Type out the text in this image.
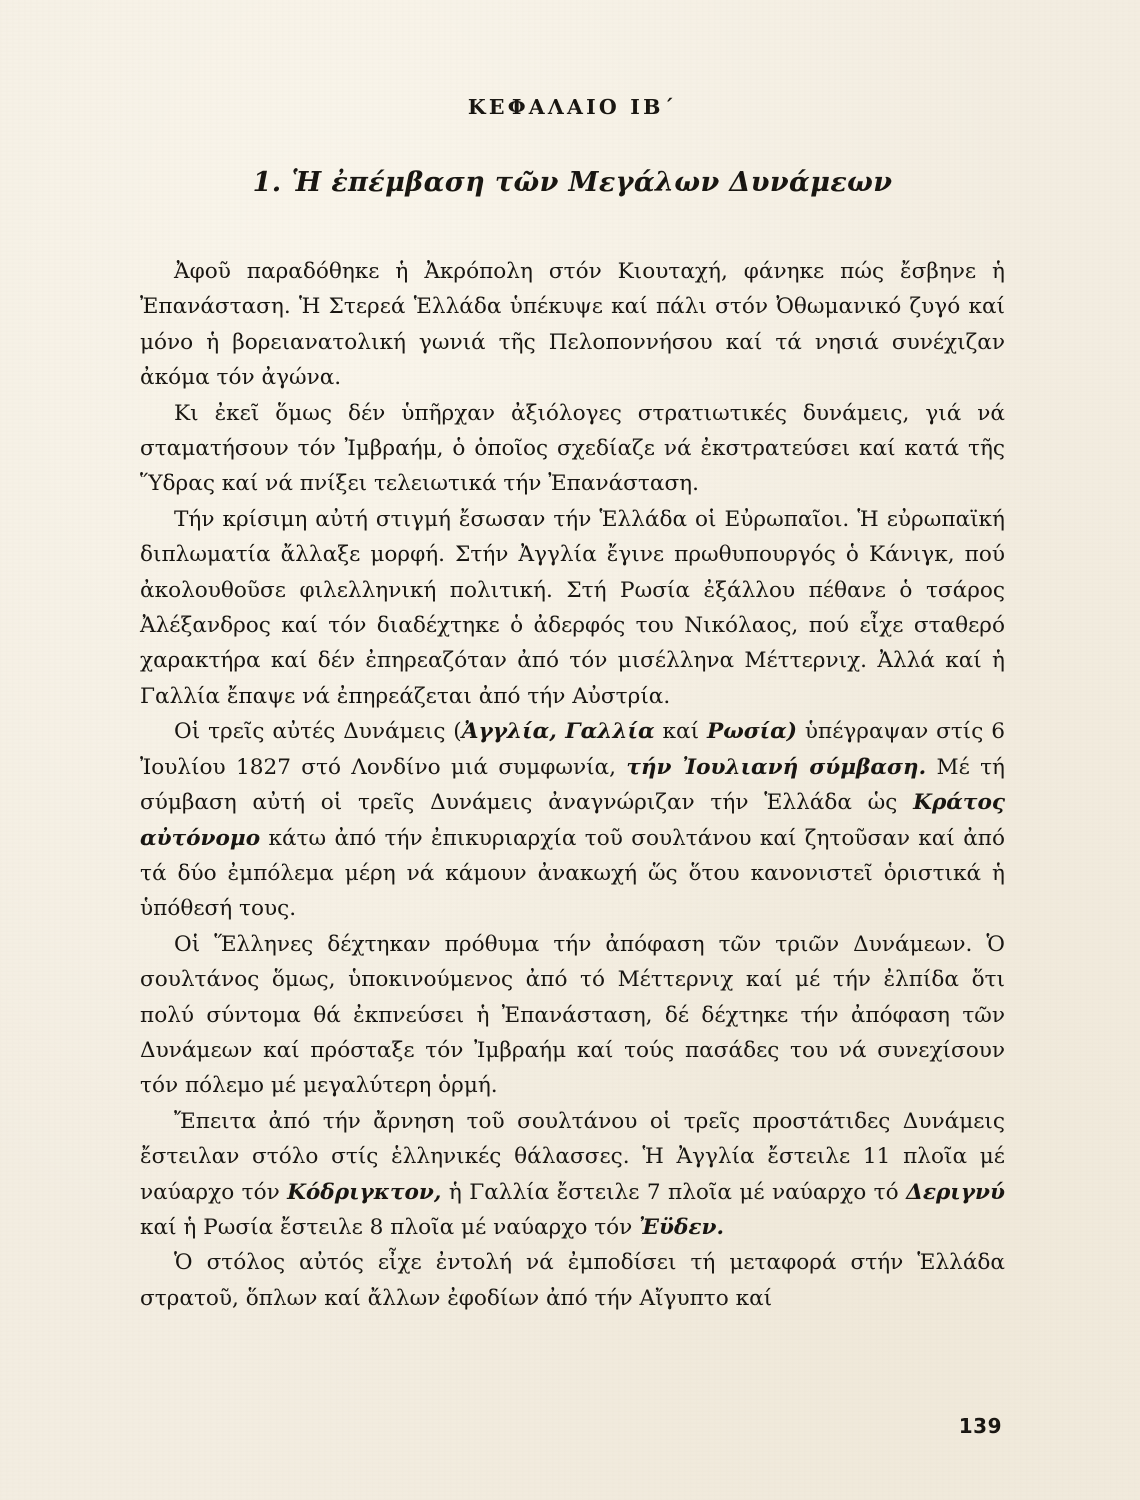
ΚΕΦΑΛΑΙΟ ΙΒ΄
1. Ἡ ἐπέμβαση τῶν Μεγάλων Δυνάμεων

Ἀφοῦ παραδόθηκε ἡ Ἀκρόπολη στόν Κιουταχή, φάνηκε πώς ἔσβηνε ἡ Ἐπανάσταση. Ἡ Στερεά Ἑλλάδα ὑπέκυψε καί πάλι στόν Ὀθωμανικό ζυγό καί μόνο ἡ βορειανατολική γωνιά τῆς Πελοποννήσου καί τά νησιά συνέχιζαν ἀκόμα τόν ἀγώνα.

Κι ἐκεῖ ὅμως δέν ὑπῆρχαν ἀξιόλογες στρατιωτικές δυνάμεις, γιά νά σταματήσουν τόν Ἰμβραήμ, ὁ ὁποῖος σχεδίαζε νά ἐκστρατεύσει καί κατά τῆς Ὕδρας καί νά πνίξει τελειωτικά τήν Ἐπανάσταση.

Τήν κρίσιμη αὐτή στιγμή ἔσωσαν τήν Ἑλλάδα οἱ Εὐρωπαῖοι. Ἡ εὐρωπαϊκή διπλωματία ἄλλαξε μορφή. Στήν Ἀγγλία ἔγινε πρωθυπουργός ὁ Κάνιγκ, πού ἀκολουθοῦσε φιλελληνική πολιτική. Στή Ρωσία ἐξάλλου πέθανε ὁ τσάρος Ἀλέξανδρος καί τόν διαδέχτηκε ὁ ἀδερφός του Νικόλαος, πού εἶχε σταθερό χαρακτήρα καί δέν ἐπηρεαζόταν ἀπό τόν μισέλληνα Μέττερνιχ. Ἀλλά καί ἡ Γαλλία ἔπαψε νά ἐπηρεάζεται ἀπό τήν Αὐστρία.

Οἱ τρεῖς αὐτές Δυνάμεις (Ἀγγλία, Γαλλία καί Ρωσία) ὑπέγραψαν στίς 6 Ἰουλίου 1827 στό Λονδίνο μιά συμφωνία, τήν Ἰουλιανή σύμβαση. Μέ τή σύμβαση αὐτή οἱ τρεῖς Δυνάμεις ἀναγνώριζαν τήν Ἑλλάδα ὡς Κράτος αὐτόνομο κάτω ἀπό τήν ἐπικυριαρχία τοῦ σουλτάνου καί ζητοῦσαν καί ἀπό τά δύο ἐμπόλεμα μέρη νά κάμουν ἀνακωχή ὥς ὅτου κανονιστεῖ ὁριστικά ἡ ὑπόθεσή τους.

Οἱ Ἕλληνες δέχτηκαν πρόθυμα τήν ἀπόφαση τῶν τριῶν Δυνάμεων. Ὁ σουλτάνος ὅμως, ὑποκινούμενος ἀπό τό Μέττερνιχ καί μέ τήν ἐλπίδα ὅτι πολύ σύντομα θά ἐκπνεύσει ἡ Ἐπανάσταση, δέ δέχτηκε τήν ἀπόφαση τῶν Δυνάμεων καί πρόσταξε τόν Ἰμβραήμ καί τούς πασάδες του νά συνεχίσουν τόν πόλεμο μέ μεγαλύτερη ὁρμή.

Ἔπειτα ἀπό τήν ἄρνηση τοῦ σουλτάνου οἱ τρεῖς προστάτιδες Δυνάμεις ἔστειλαν στόλο στίς ἑλληνικές θάλασσες. Ἡ Ἀγγλία ἔστειλε 11 πλοῖα μέ ναύαρχο τόν Κόδριγκτον, ἡ Γαλλία ἔστειλε 7 πλοῖα μέ ναύαρχο τό Δεριγνύ καί ἡ Ρωσία ἔστειλε 8 πλοῖα μέ ναύαρχο τόν Ἐϋδεν.

Ὁ στόλος αὐτός εἶχε ἐντολή νά ἐμποδίσει τή μεταφορά στήν Ἑλλάδα στρατοῦ, ὅπλων καί ἄλλων ἐφοδίων ἀπό τήν Αἴγυπτο καί

139
